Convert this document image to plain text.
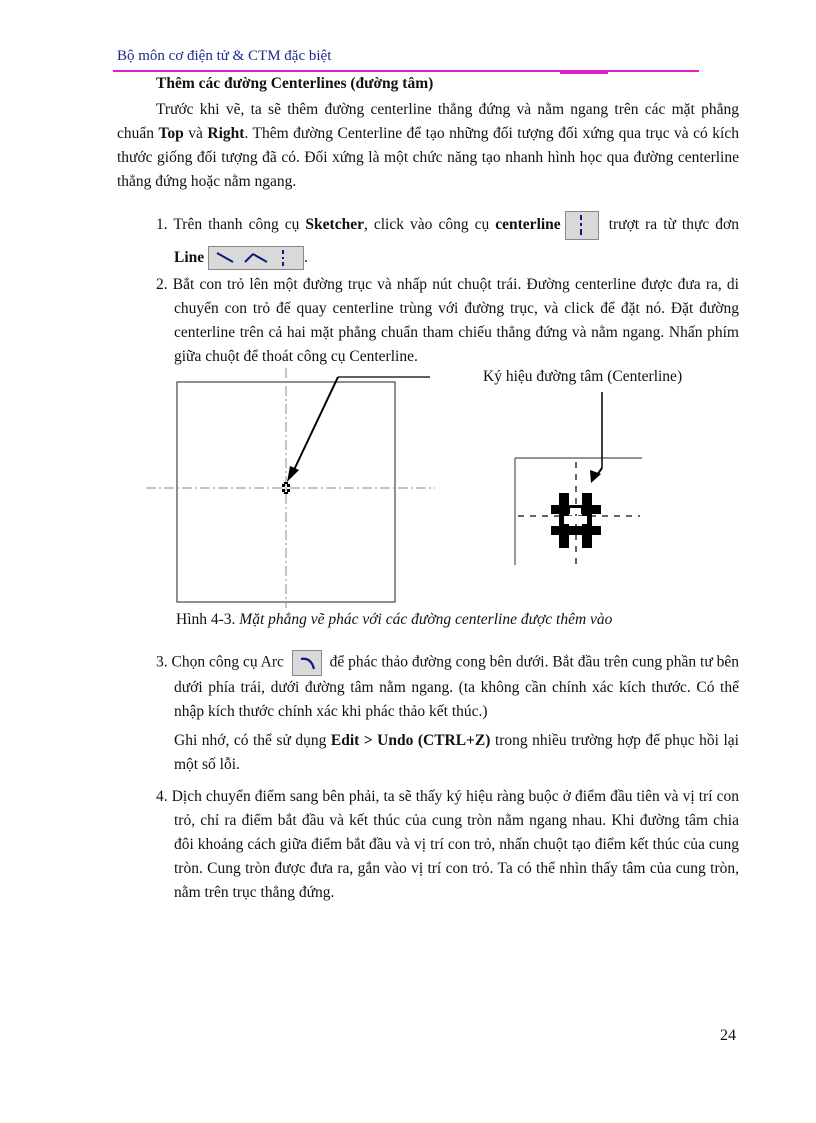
Bộ môn cơ điện tử & CTM đặc biệt
Thêm các đường Centerlines (đường tâm)
Trước khi vẽ, ta sẽ thêm đường centerline thẳng đứng và nằm ngang trên các mặt phẳng chuẩn Top và Right. Thêm đường Centerline để tạo những đối tượng đối xứng qua trục và có kích thước giống đối tượng đã có. Đối xứng là một chức năng tạo nhanh hình học qua đường centerline thẳng đứng hoặc nằm ngang.
1. Trên thanh công cụ Sketcher, click vào công cụ centerline	trượt ra từ thực đơn Line	.
2. Bắt con trỏ lên một đường trục và nhấp nút chuột trái. Đường centerline được đưa ra, di chuyển con trỏ để quay centerline trùng với đường trục, và click để đặt nó. Đặt đường centerline trên cả hai mặt phẳng chuẩn tham chiếu thẳng đứng và nằm ngang. Nhấn phím giữa chuột để thoát công cụ Centerline.
Ký hiệu đường tâm (Centerline)
Hình 4-3. Mặt phẳng vẽ phác với các đường centerline được thêm vào
3. Chọn công cụ Arc
để phác thảo đường cong bên dưới. Bắt đầu trên cung phần tư bên dưới phía trái, dưới đường tâm nằm ngang. (ta không cần chính xác kích thước. Có thể nhập kích thước chính xác khi phác thảo kết thúc.)
Ghi nhớ, có thể sử dụng Edit > Undo (CTRL+Z) trong nhiều trường hợp để phục hồi lại một số lỗi.
4. Dịch chuyển điểm sang bên phải, ta sẽ thấy ký hiệu ràng buộc ở điểm đầu tiên và vị trí con trỏ, chỉ ra điểm bắt đầu và kết thúc của cung tròn nằm ngang nhau. Khi đường tâm chia đôi khoảng cách giữa điểm bắt đầu và vị trí con trỏ, nhấn chuột tạo điểm kết thúc của cung tròn. Cung tròn được đưa ra, gắn vào vị trí con trỏ. Ta có thể nhìn thấy tâm của cung tròn, nằm trên trục thẳng đứng.
24
